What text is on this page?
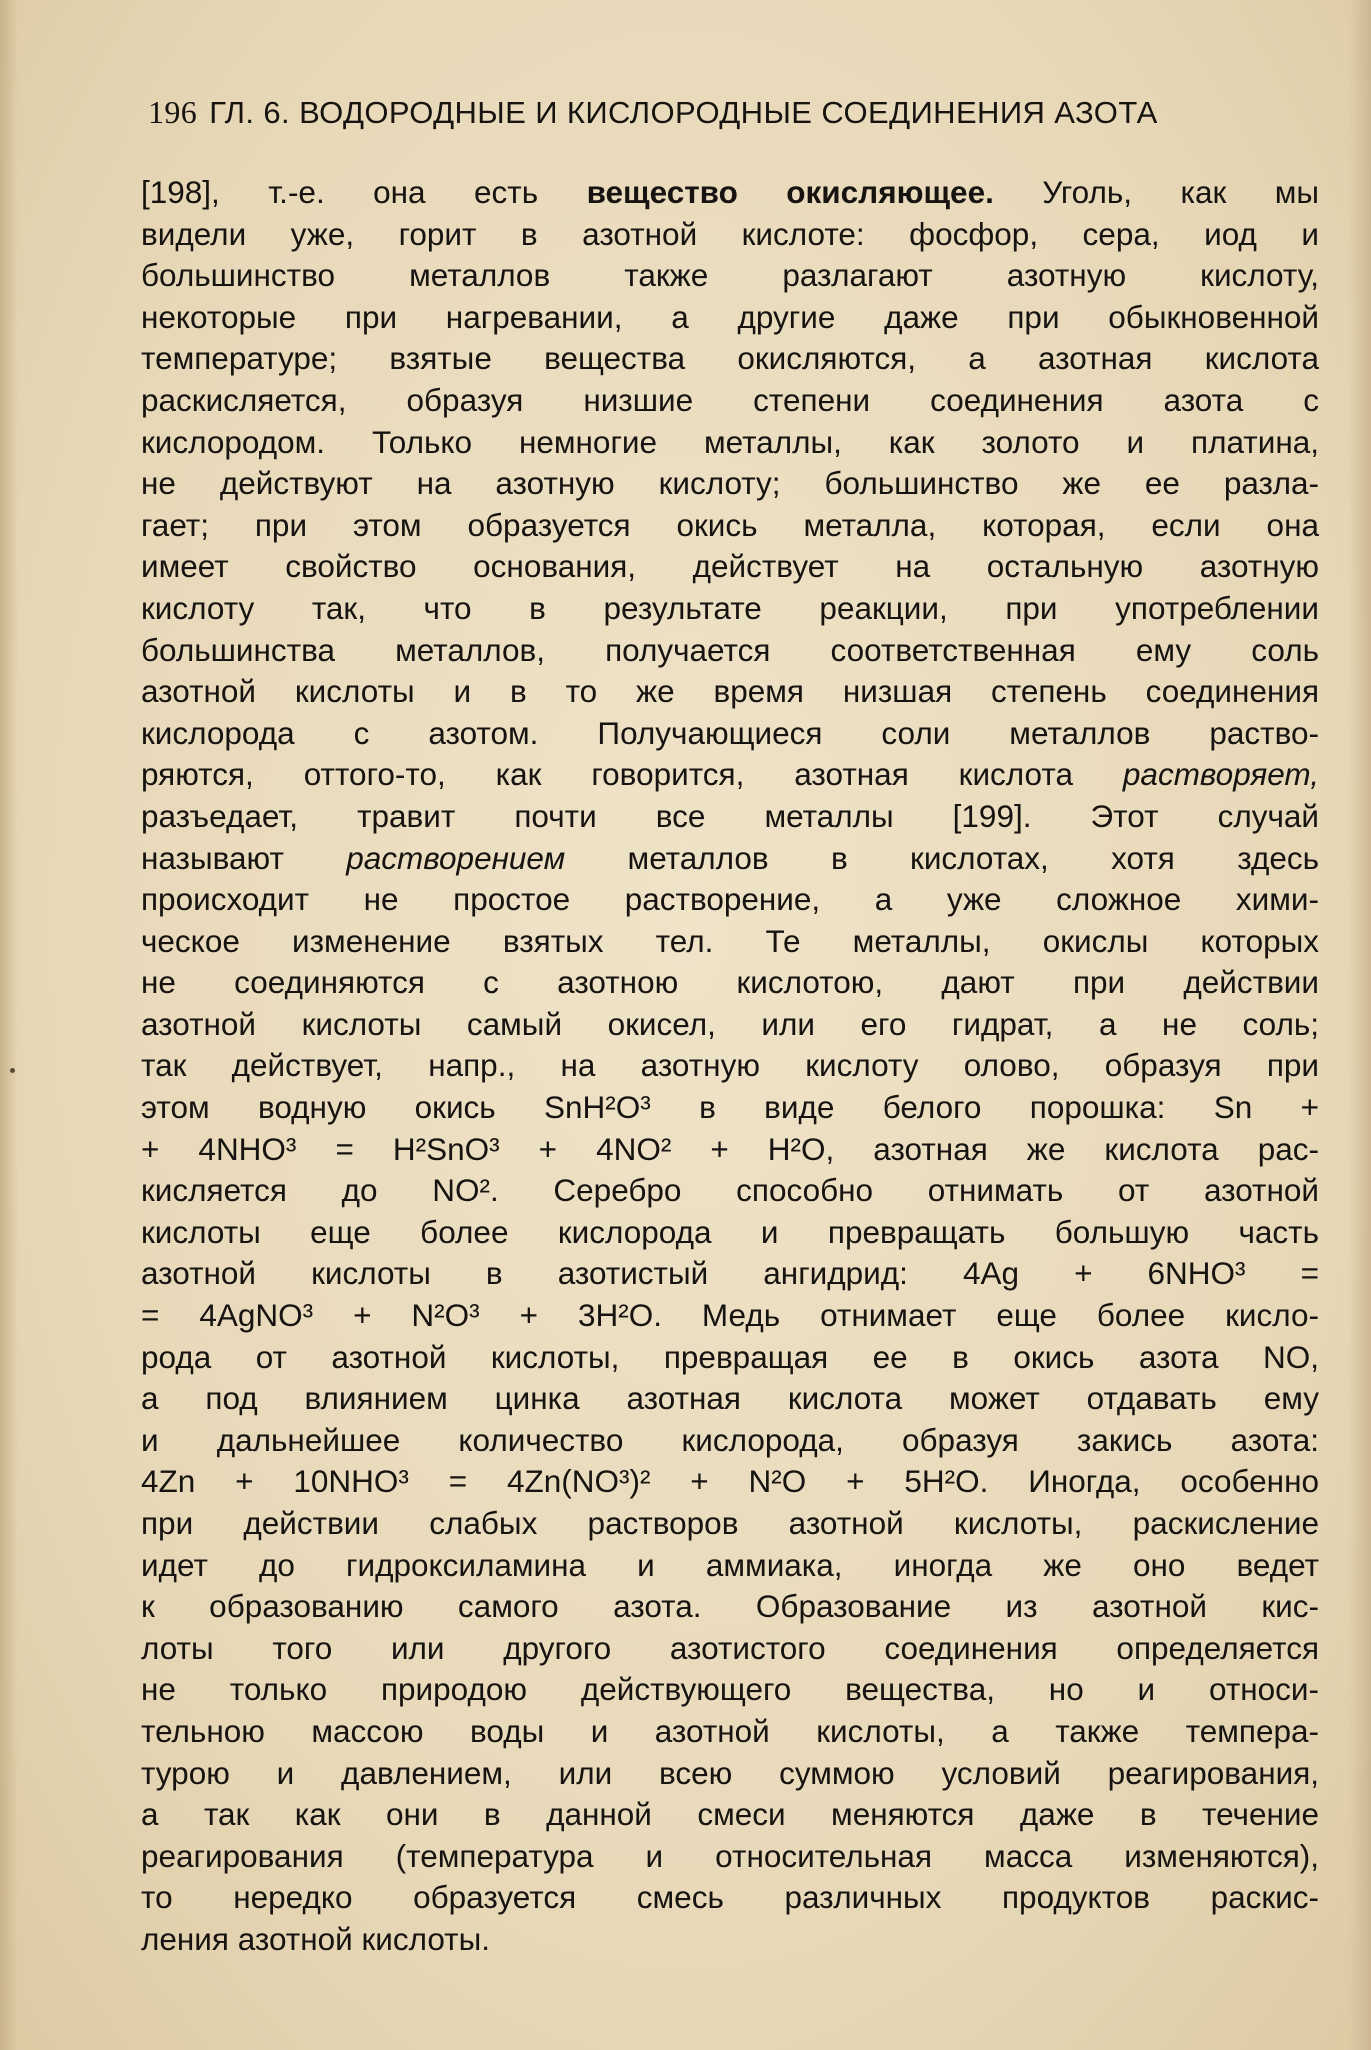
196 ГЛ. 6. ВОДОРОДНЫЕ И КИСЛОРОДНЫЕ СОЕДИНЕНИЯ АЗОТА
[198], т.-е. она есть вещество окисляющее. Уголь, как мы
видели уже, горит в азотной кислоте: фосфор, сера, иод и
большинство металлов также разлагают азотную кислоту,
некоторые при нагревании, а другие даже при обыкновенной
температуре; взятые вещества окисляются, а азотная кислота
раскисляется, образуя низшие степени соединения азота с
кислородом. Только немногие металлы, как золото и платина,
не действуют на азотную кислоту; большинство же ее разла-
гает; при этом образуется окись металла, которая, если она
имеет свойство основания, действует на остальную азотную
кислоту так, что в результате реакции, при употреблении
большинства металлов, получается соответственная ему соль
азотной кислоты и в то же время низшая степень соединения
кислорода с азотом. Получающиеся соли металлов раство-
ряются, оттого-то, как говорится, азотная кислота растворяет,
разъедает, травит почти все металлы [199]. Этот случай
называют растворением металлов в кислотах, хотя здесь
происходит не простое растворение, а уже сложное хими-
ческое изменение взятых тел. Те металлы, окислы которых
не соединяются с азотною кислотою, дают при действии
азотной кислоты самый окисел, или его гидрат, а не соль;
так действует, напр., на азотную кислоту олово, образуя при
этом водную окись SnH²O³ в виде белого порошка: Sn +
+ 4NHO³ = H²SnO³ + 4NO² + H²O, азотная же кислота рас-
кисляется до NO². Серебро способно отнимать от азотной
кислоты еще более кислорода и превращать большую часть
азотной кислоты в азотистый ангидрид: 4Ag + 6NHO³ =
= 4AgNO³ + N²O³ + 3H²O. Медь отнимает еще более кисло-
рода от азотной кислоты, превращая ее в окись азота NO,
а под влиянием цинка азотная кислота может отдавать ему
и дальнейшее количество кислорода, образуя закись азота:
4Zn + 10NHO³ = 4Zn(NO³)² + N²O + 5H²O. Иногда, особенно
при действии слабых растворов азотной кислоты, раскисление
идет до гидроксиламина и аммиака, иногда же оно ведет
к образованию самого азота. Образование из азотной кис-
лоты того или другого азотистого соединения определяется
не только природою действующего вещества, но и относи-
тельною массою воды и азотной кислоты, а также темпера-
турою и давлением, или всею суммою условий реагирования,
а так как они в данной смеси меняются даже в течение
реагирования (температура и относительная масса изменяются),
то нередко образуется смесь различных продуктов раскис-
ления азотной кислоты.
